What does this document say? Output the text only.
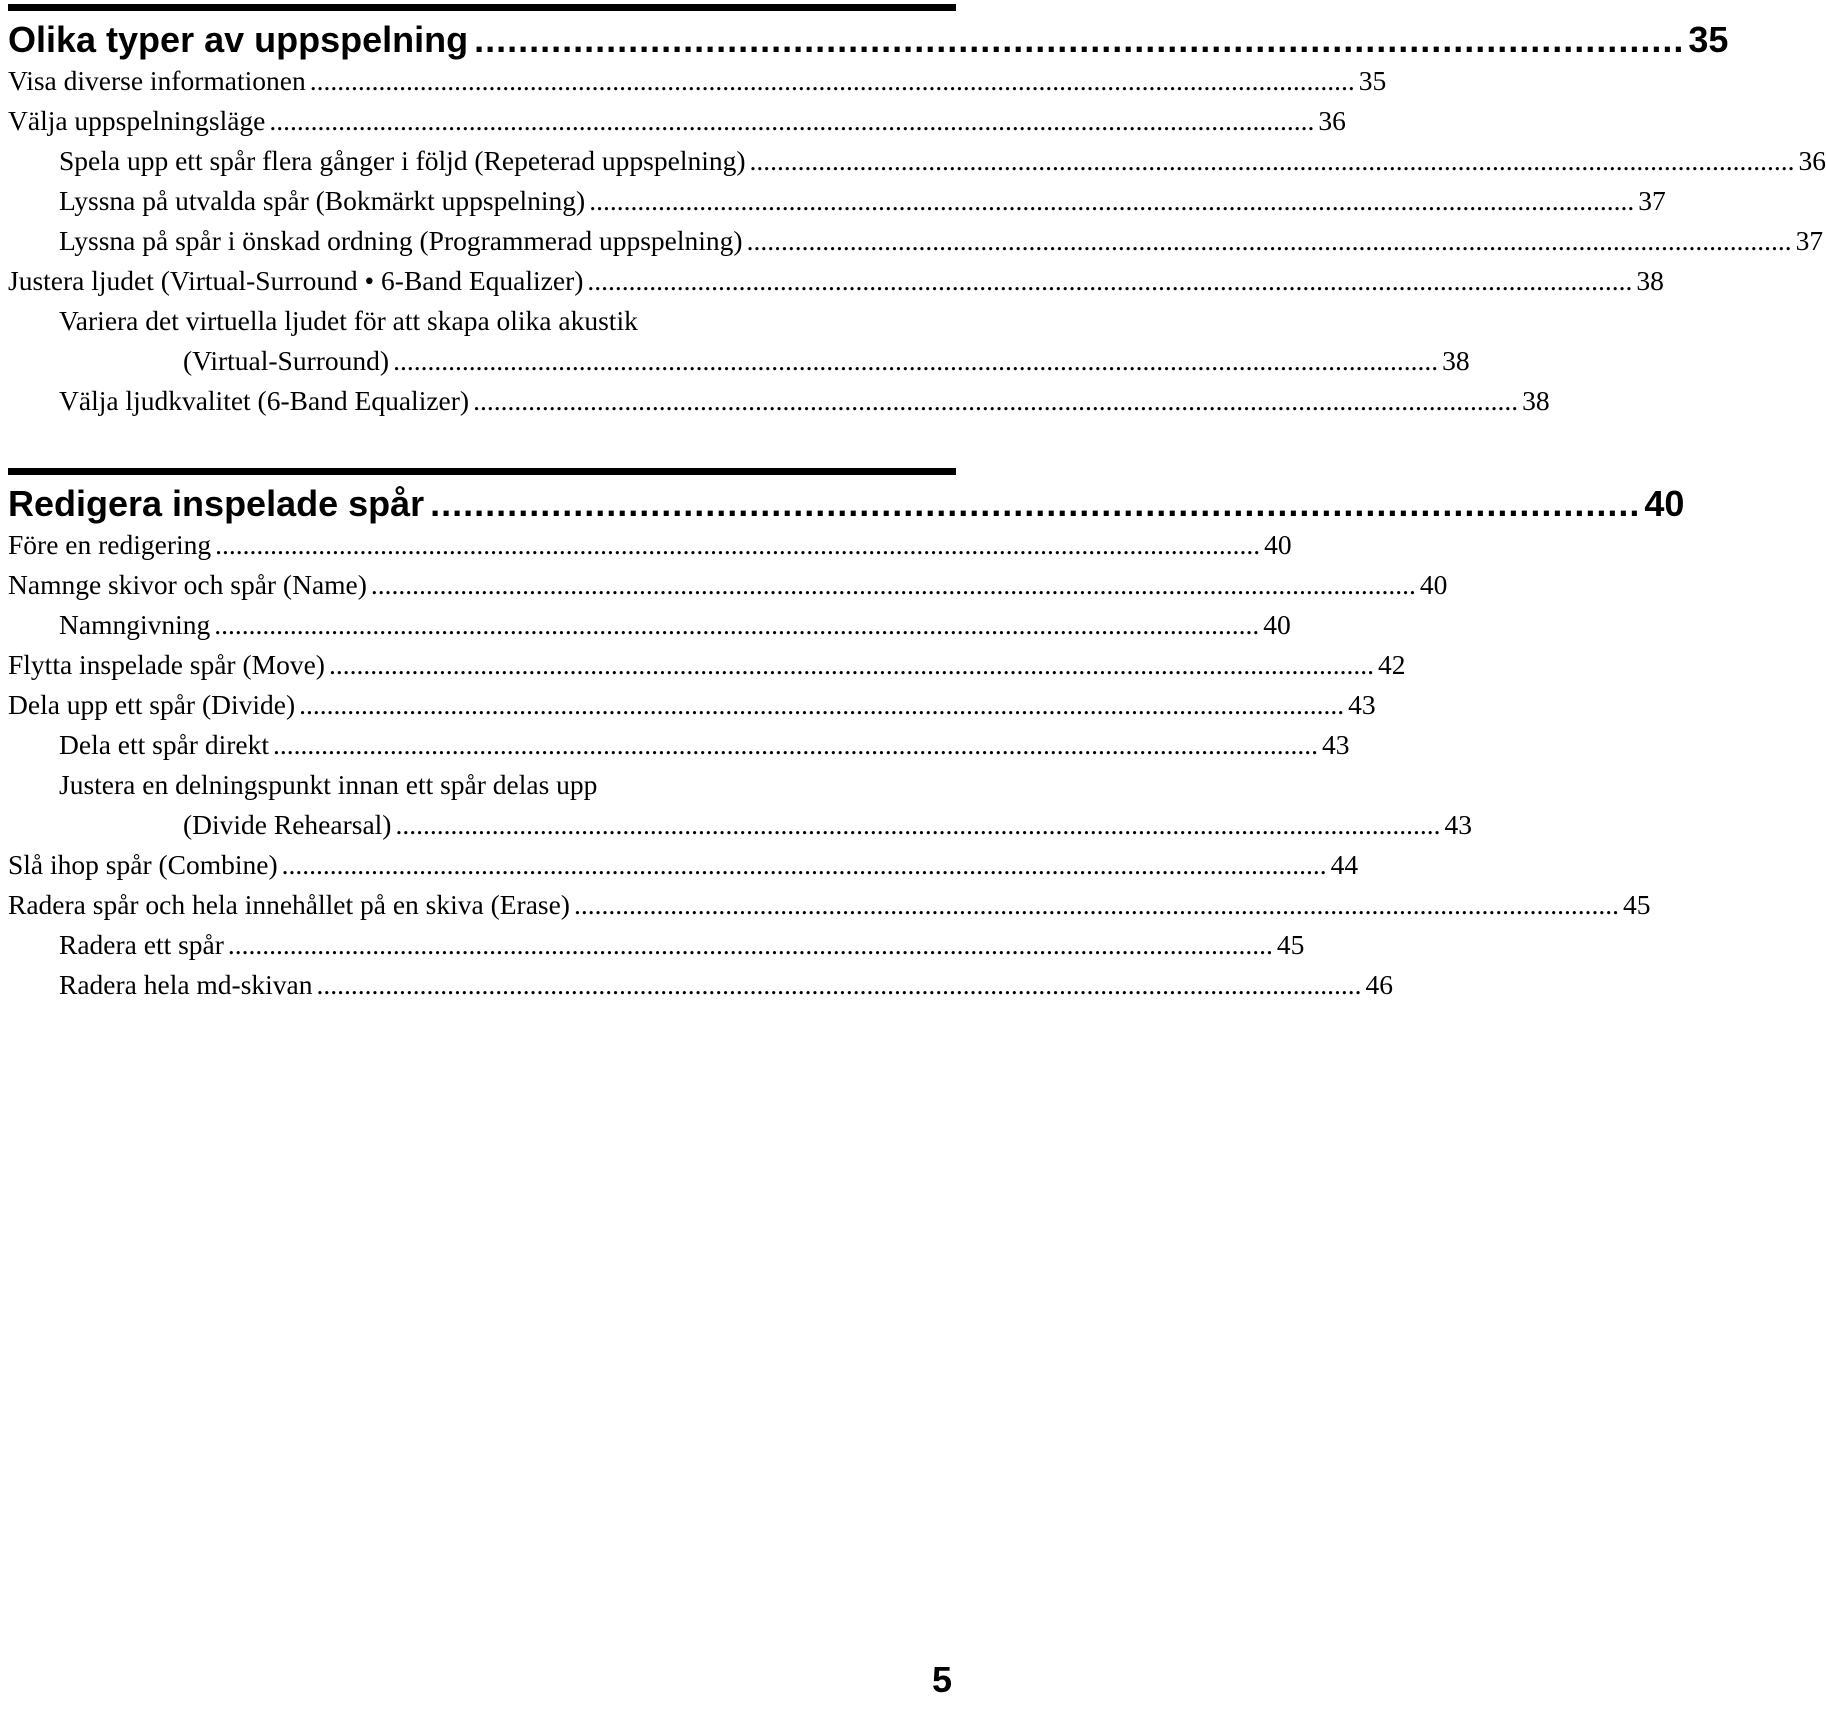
Olika typer av uppspelning .............................................................................................................. 35
Visa diverse informationen ........................................................................................................................................................ 35
Välja uppspelningsläge ........................................................................................................................................................ 36
Spela upp ett spår flera gånger i följd (Repeterad uppspelning) ........................................................................................................................................................ 36
Lyssna på utvalda spår (Bokmärkt uppspelning) ........................................................................................................................................................ 37
Lyssna på spår i önskad ordning (Programmerad uppspelning) ........................................................................................................................................................ 37
Justera ljudet (Virtual-Surround • 6-Band Equalizer) ........................................................................................................................................................ 38
Variera det virtuella ljudet för att skapa olika akustik
(Virtual-Surround) ........................................................................................................................................................ 38
Välja ljudkvalitet (6-Band Equalizer) ........................................................................................................................................................ 38
Redigera inspelade spår .............................................................................................................. 40
Före en redigering ........................................................................................................................................................ 40
Namnge skivor och spår (Name) ........................................................................................................................................................ 40
Namngivning ........................................................................................................................................................ 40
Flytta inspelade spår (Move) ........................................................................................................................................................ 42
Dela upp ett spår (Divide) ........................................................................................................................................................ 43
Dela ett spår direkt ........................................................................................................................................................ 43
Justera en delningspunkt innan ett spår delas upp
(Divide Rehearsal) ........................................................................................................................................................ 43
Slå ihop spår (Combine) ........................................................................................................................................................ 44
Radera spår och hela innehållet på en skiva (Erase) ........................................................................................................................................................ 45
Radera ett spår ........................................................................................................................................................ 45
Radera hela md-skivan ........................................................................................................................................................ 46
5
